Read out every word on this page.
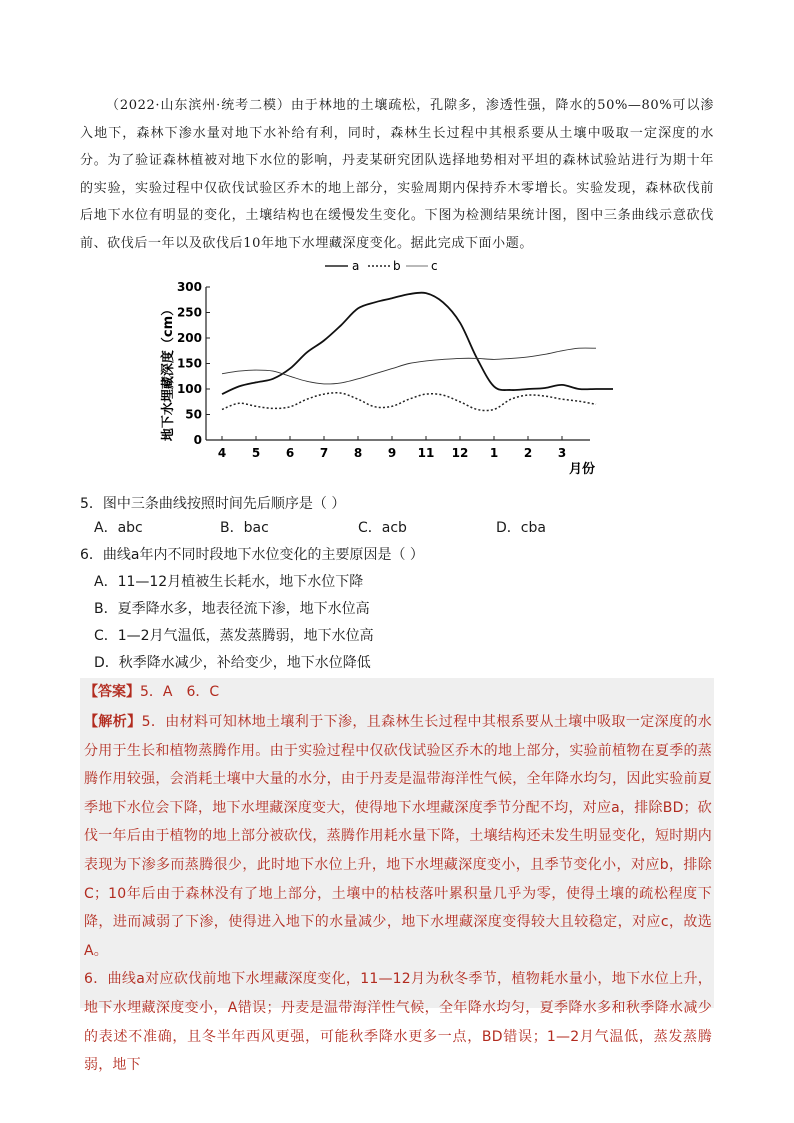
（2022·山东滨州·统考二模）由于林地的土壤疏松，孔隙多，渗透性强，降水的50%—80%可以渗入地下，森林下渗水量对地下水补给有利，同时，森林生长过程中其根系要从土壤中吸取一定深度的水分。为了验证森林植被对地下水位的影响，丹麦某研究团队选择地势相对平坦的森林试验站进行为期十年的实验，实验过程中仅砍伐试验区乔木的地上部分，实验周期内保持乔木零增长。实验发现，森林砍伐前后地下水位有明显的变化，土壤结构也在缓慢发生变化。下图为检测结果统计图，图中三条曲线示意砍伐前、砍伐后一年以及砍伐后10年地下水埋藏深度变化。据此完成下面小题。

a	b	c
地下水埋藏深度（cm）
月份
0
50
100
150
200
250
300
4 5 6 7 8 9 11 12 1 2 3
5．图中三条曲线按照时间先后顺序是（ ）
A．abc	B．bac	C．acb	D．cba
6．曲线a年内不同时段地下水位变化的主要原因是（ ）
A．11—12月植被生长耗水，地下水位下降
B．夏季降水多，地表径流下渗，地下水位高
C．1—2月气温低，蒸发蒸腾弱，地下水位高
D．秋季降水减少，补给变少，地下水位降低
【答案】5．A　6．C

【解析】5．由材料可知林地土壤利于下渗，且森林生长过程中其根系要从土壤中吸取一定深度的水分用于生长和植物蒸腾作用。由于实验过程中仅砍伐试验区乔木的地上部分，实验前植物在夏季的蒸腾作用较强，会消耗土壤中大量的水分，由于丹麦是温带海洋性气候，全年降水均匀，因此实验前夏季地下水位会下降，地下水埋藏深度变大，使得地下水埋藏深度季节分配不均，对应a，排除BD；砍伐一年后由于植物的地上部分被砍伐，蒸腾作用耗水量下降，土壤结构还未发生明显变化，短时期内表现为下渗多而蒸腾很少，此时地下水位上升，地下水埋藏深度变小，且季节变化小，对应b，排除C；10年后由于森林没有了地上部分，土壤中的枯枝落叶累积量几乎为零，使得土壤的疏松程度下降，进而减弱了下渗，使得进入地下的水量减少，地下水埋藏深度变得较大且较稳定，对应c，故选A。

6．曲线a对应砍伐前地下水埋藏深度变化，11—12月为秋冬季节，植物耗水量小，地下水位上升，地下水埋藏深度变小，A错误；丹麦是温带海洋性气候，全年降水均匀，夏季降水多和秋季降水减少的表述不准确，且冬半年西风更强，可能秋季降水更多一点，BD错误；1—2月气温低，蒸发蒸腾弱，地下
